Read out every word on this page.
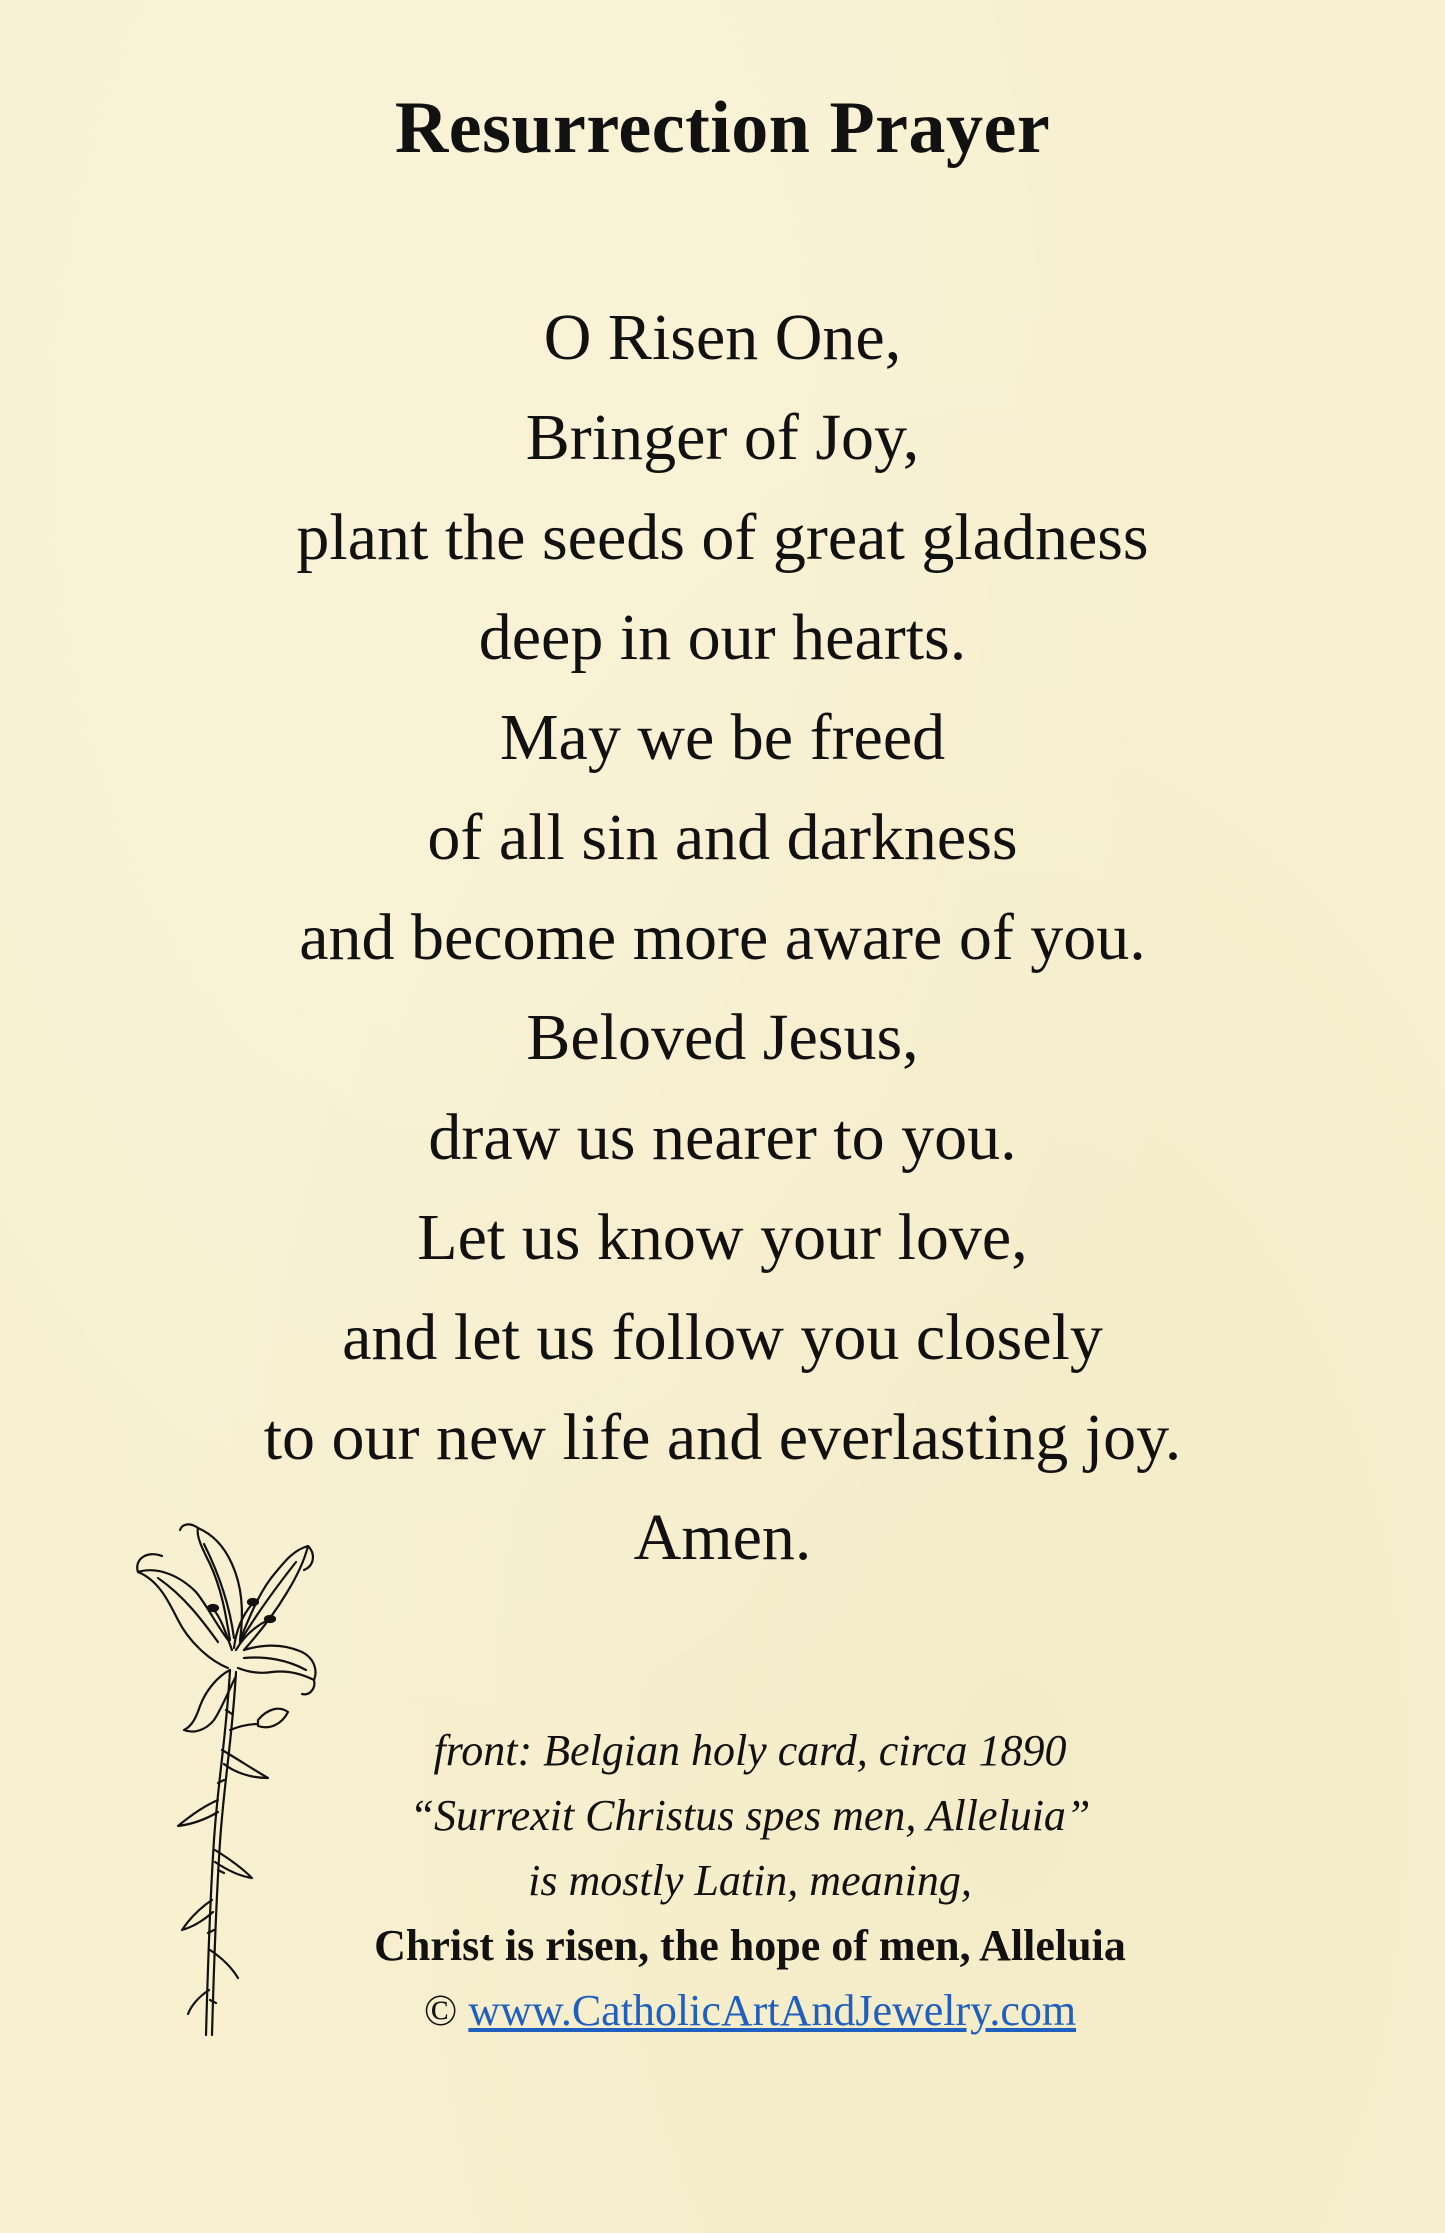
Resurrection Prayer
O Risen One,
Bringer of Joy,
plant the seeds of great gladness
deep in our hearts.
May we be freed
of all sin and darkness
and become more aware of you.
Beloved Jesus,
draw us nearer to you.
Let us know your love,
and let us follow you closely
to our new life and everlasting joy.
Amen.
front: Belgian holy card, circa 1890
“Surrexit Christus spes men, Alleluia”
is mostly Latin, meaning,
Christ is risen, the hope of men, Alleluia
© www.CatholicArtAndJewelry.com
